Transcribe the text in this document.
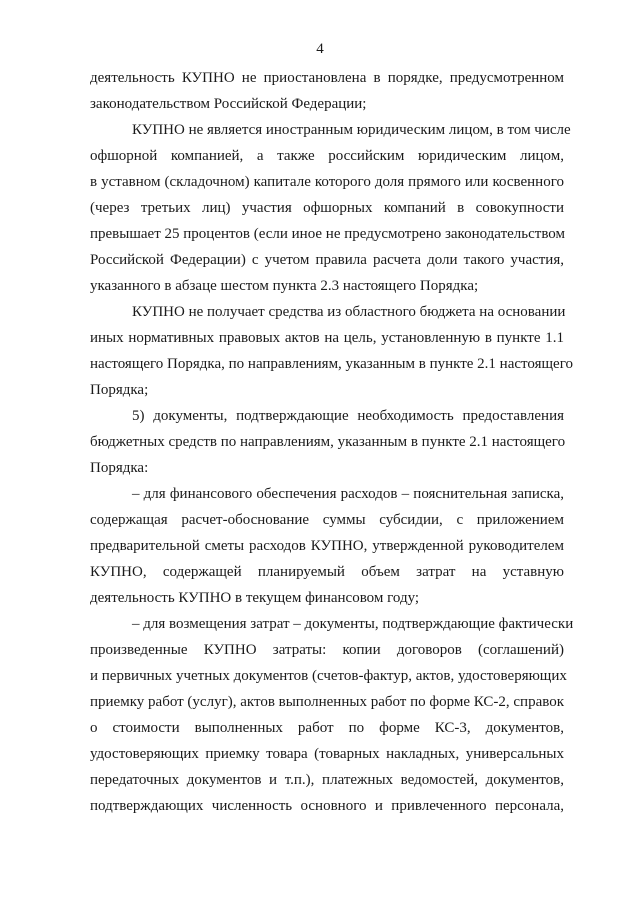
4
деятельность КУПНО не приостановлена в порядке, предусмотренном
законодательством Российской Федерации;
КУПНО не является иностранным юридическим лицом, в том числе
офшорной компанией, а также российским юридическим лицом,
в уставном (складочном) капитале которого доля прямого или косвенного
(через третьих лиц) участия офшорных компаний в совокупности
превышает 25 процентов (если иное не предусмотрено законодательством
Российской Федерации) с учетом правила расчета доли такого участия,
указанного в абзаце шестом пункта 2.3 настоящего Порядка;
КУПНО не получает средства из областного бюджета на основании
иных нормативных правовых актов на цель, установленную в пункте 1.1
настоящего Порядка, по направлениям, указанным в пункте 2.1 настоящего
Порядка;
5) документы, подтверждающие необходимость предоставления
бюджетных средств по направлениям, указанным в пункте 2.1 настоящего
Порядка:
– для финансового обеспечения расходов – пояснительная записка,
содержащая расчет-обоснование суммы субсидии, с приложением
предварительной сметы расходов КУПНО, утвержденной руководителем
КУПНО, содержащей планируемый объем затрат на уставную
деятельность КУПНО в текущем финансовом году;
– для возмещения затрат – документы, подтверждающие фактически
произведенные КУПНО затраты: копии договоров (соглашений)
и первичных учетных документов (счетов-фактур, актов, удостоверяющих
приемку работ (услуг), актов выполненных работ по форме КС-2, справок
о стоимости выполненных работ по форме КС-3, документов,
удостоверяющих приемку товара (товарных накладных, универсальных
передаточных документов и т.п.), платежных ведомостей, документов,
подтверждающих численность основного и привлеченного персонала,
